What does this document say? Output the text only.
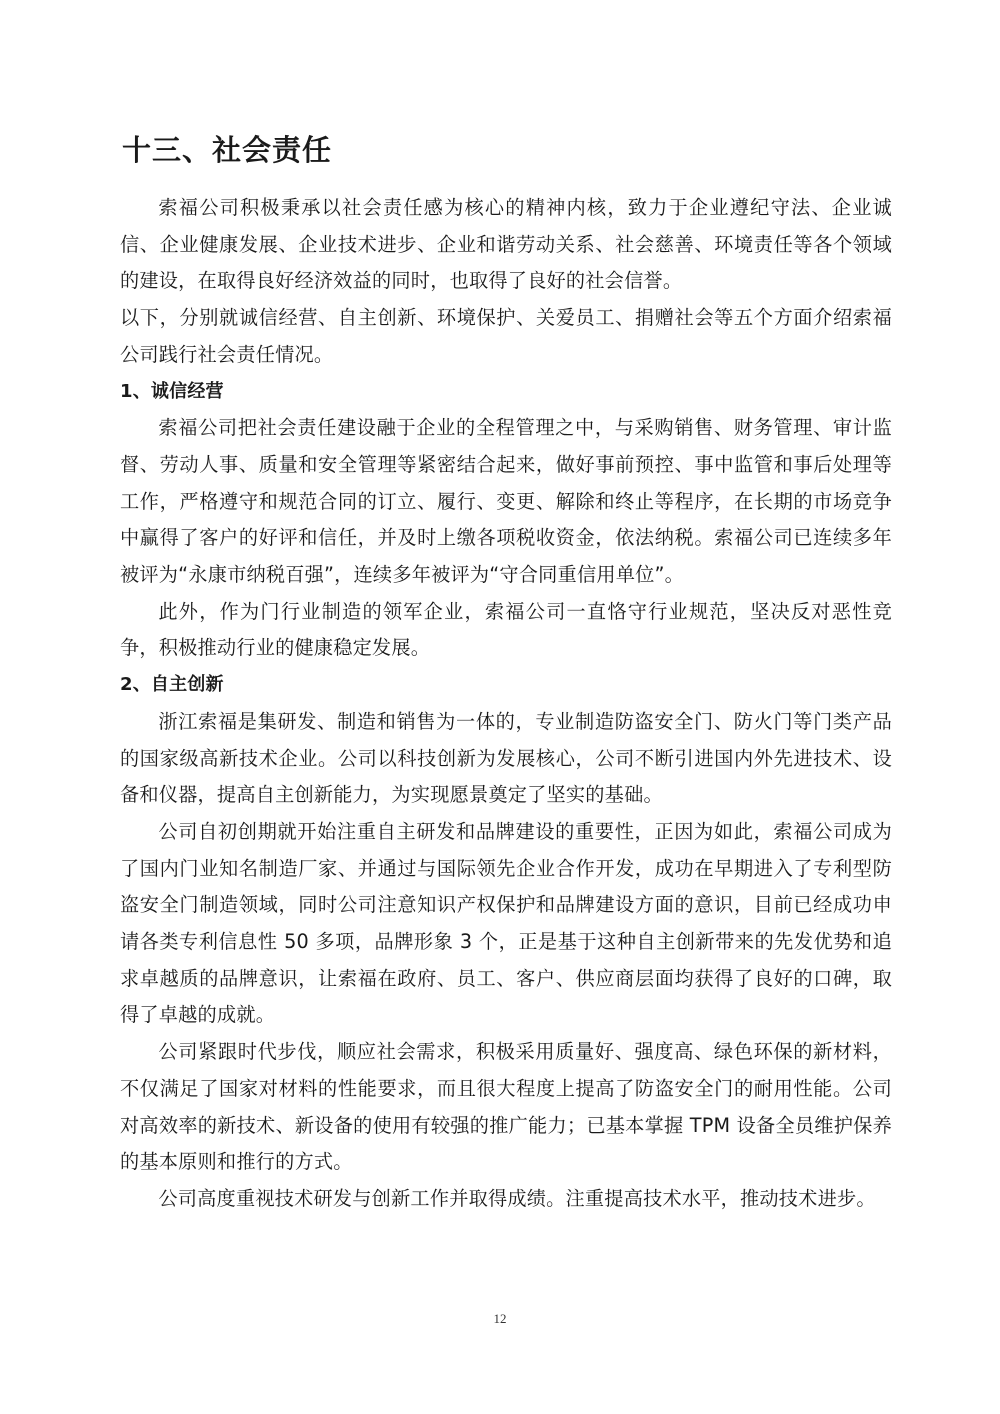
十三、社会责任

索福公司积极秉承以社会责任感为核心的精神内核，致力于企业遵纪守法、企业诚信、企业健康发展、企业技术进步、企业和谐劳动关系、社会慈善、环境责任等各个领域的建设，在取得良好经济效益的同时，也取得了良好的社会信誉。

以下，分别就诚信经营、自主创新、环境保护、关爱员工、捐赠社会等五个方面介绍索福公司践行社会责任情况。

1、诚信经营

索福公司把社会责任建设融于企业的全程管理之中，与采购销售、财务管理、审计监督、劳动人事、质量和安全管理等紧密结合起来，做好事前预控、事中监管和事后处理等工作，严格遵守和规范合同的订立、履行、变更、解除和终止等程序，在长期的市场竞争中赢得了客户的好评和信任，并及时上缴各项税收资金，依法纳税。索福公司已连续多年被评为“永康市纳税百强”，连续多年被评为“守合同重信用单位”。

此外，作为门行业制造的领军企业，索福公司一直恪守行业规范，坚决反对恶性竞争，积极推动行业的健康稳定发展。

2、自主创新

浙江索福是集研发、制造和销售为一体的，专业制造防盗安全门、防火门等门类产品的国家级高新技术企业。公司以科技创新为发展核心，公司不断引进国内外先进技术、设备和仪器，提高自主创新能力，为实现愿景奠定了坚实的基础。

公司自初创期就开始注重自主研发和品牌建设的重要性，正因为如此，索福公司成为了国内门业知名制造厂家、并通过与国际领先企业合作开发，成功在早期进入了专利型防盗安全门制造领域，同时公司注意知识产权保护和品牌建设方面的意识，目前已经成功申请各类专利信息性 50 多项，品牌形象 3 个，正是基于这种自主创新带来的先发优势和追求卓越质的品牌意识，让索福在政府、员工、客户、供应商层面均获得了良好的口碑，取得了卓越的成就。

公司紧跟时代步伐，顺应社会需求，积极采用质量好、强度高、绿色环保的新材料，不仅满足了国家对材料的性能要求，而且很大程度上提高了防盗安全门的耐用性能。公司对高效率的新技术、新设备的使用有较强的推广能力；已基本掌握 TPM 设备全员维护保养的基本原则和推行的方式。

公司高度重视技术研发与创新工作并取得成绩。注重提高技术水平，推动技术进步。

12
